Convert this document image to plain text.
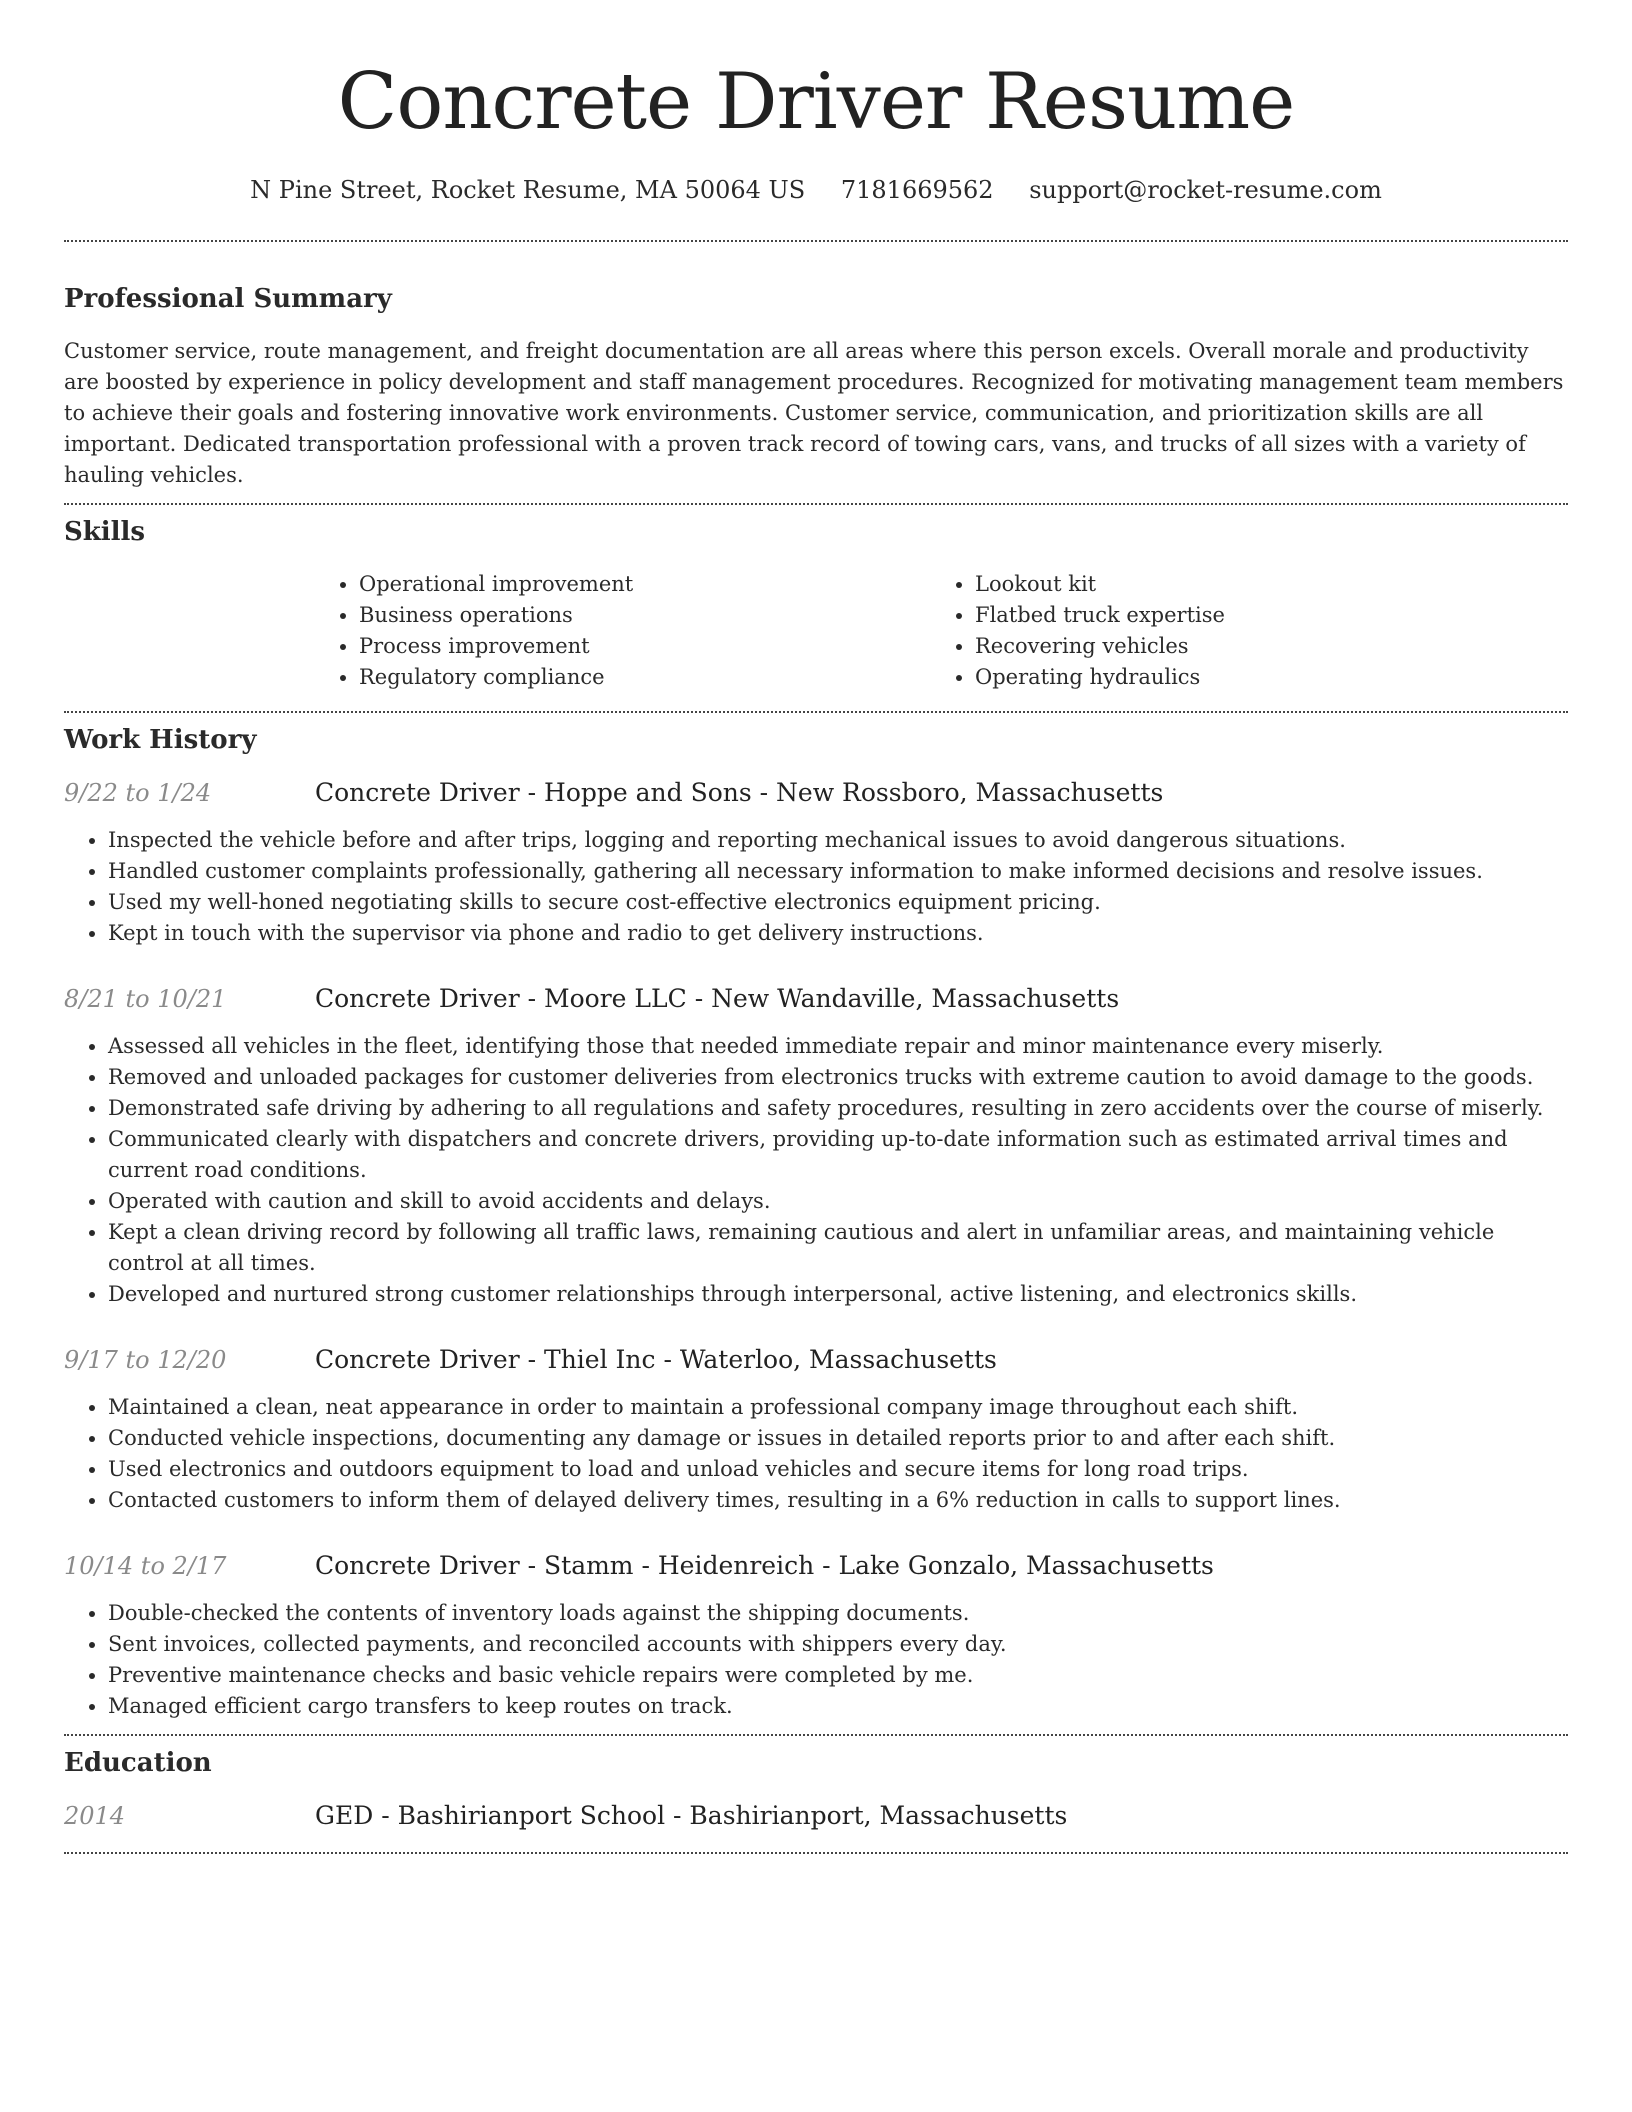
Concrete Driver Resume
N Pine Street, Rocket Resume, MA 50064 US 7181669562 support@rocket-resume.com
Professional Summary

Customer service, route management, and freight documentation are all areas where this person excels. Overall morale and productivity are boosted by experience in policy development and staff management procedures. Recognized for motivating management team members to achieve their goals and fostering innovative work environments. Customer service, communication, and prioritization skills are all important. Dedicated transportation professional with a proven track record of towing cars, vans, and trucks of all sizes with a variety of hauling vehicles.

Skills
• Operational improvement
• Business operations
• Process improvement
• Regulatory compliance
• Lookout kit
• Flatbed truck expertise
• Recovering vehicles
• Operating hydraulics
Work History
9/22 to 1/24	Concrete Driver - Hoppe and Sons - New Rossboro, Massachusetts
• Inspected the vehicle before and after trips, logging and reporting mechanical issues to avoid dangerous situations.
• Handled customer complaints professionally, gathering all necessary information to make informed decisions and resolve issues.
• Used my well-honed negotiating skills to secure cost-effective electronics equipment pricing.
• Kept in touch with the supervisor via phone and radio to get delivery instructions.
8/21 to 10/21	Concrete Driver - Moore LLC - New Wandaville, Massachusetts
• Assessed all vehicles in the fleet, identifying those that needed immediate repair and minor maintenance every miserly.
• Removed and unloaded packages for customer deliveries from electronics trucks with extreme caution to avoid damage to the goods.
• Demonstrated safe driving by adhering to all regulations and safety procedures, resulting in zero accidents over the course of miserly.
• Communicated clearly with dispatchers and concrete drivers, providing up-to-date information such as estimated arrival times and current road conditions.
• Operated with caution and skill to avoid accidents and delays.
• Kept a clean driving record by following all traffic laws, remaining cautious and alert in unfamiliar areas, and maintaining vehicle control at all times.
• Developed and nurtured strong customer relationships through interpersonal, active listening, and electronics skills.
9/17 to 12/20	Concrete Driver - Thiel Inc - Waterloo, Massachusetts
• Maintained a clean, neat appearance in order to maintain a professional company image throughout each shift.
• Conducted vehicle inspections, documenting any damage or issues in detailed reports prior to and after each shift.
• Used electronics and outdoors equipment to load and unload vehicles and secure items for long road trips.
• Contacted customers to inform them of delayed delivery times, resulting in a 6% reduction in calls to support lines.
10/14 to 2/17	Concrete Driver - Stamm - Heidenreich - Lake Gonzalo, Massachusetts
• Double-checked the contents of inventory loads against the shipping documents.
• Sent invoices, collected payments, and reconciled accounts with shippers every day.
• Preventive maintenance checks and basic vehicle repairs were completed by me.
• Managed efficient cargo transfers to keep routes on track.
Education
2014	GED - Bashirianport School - Bashirianport, Massachusetts
